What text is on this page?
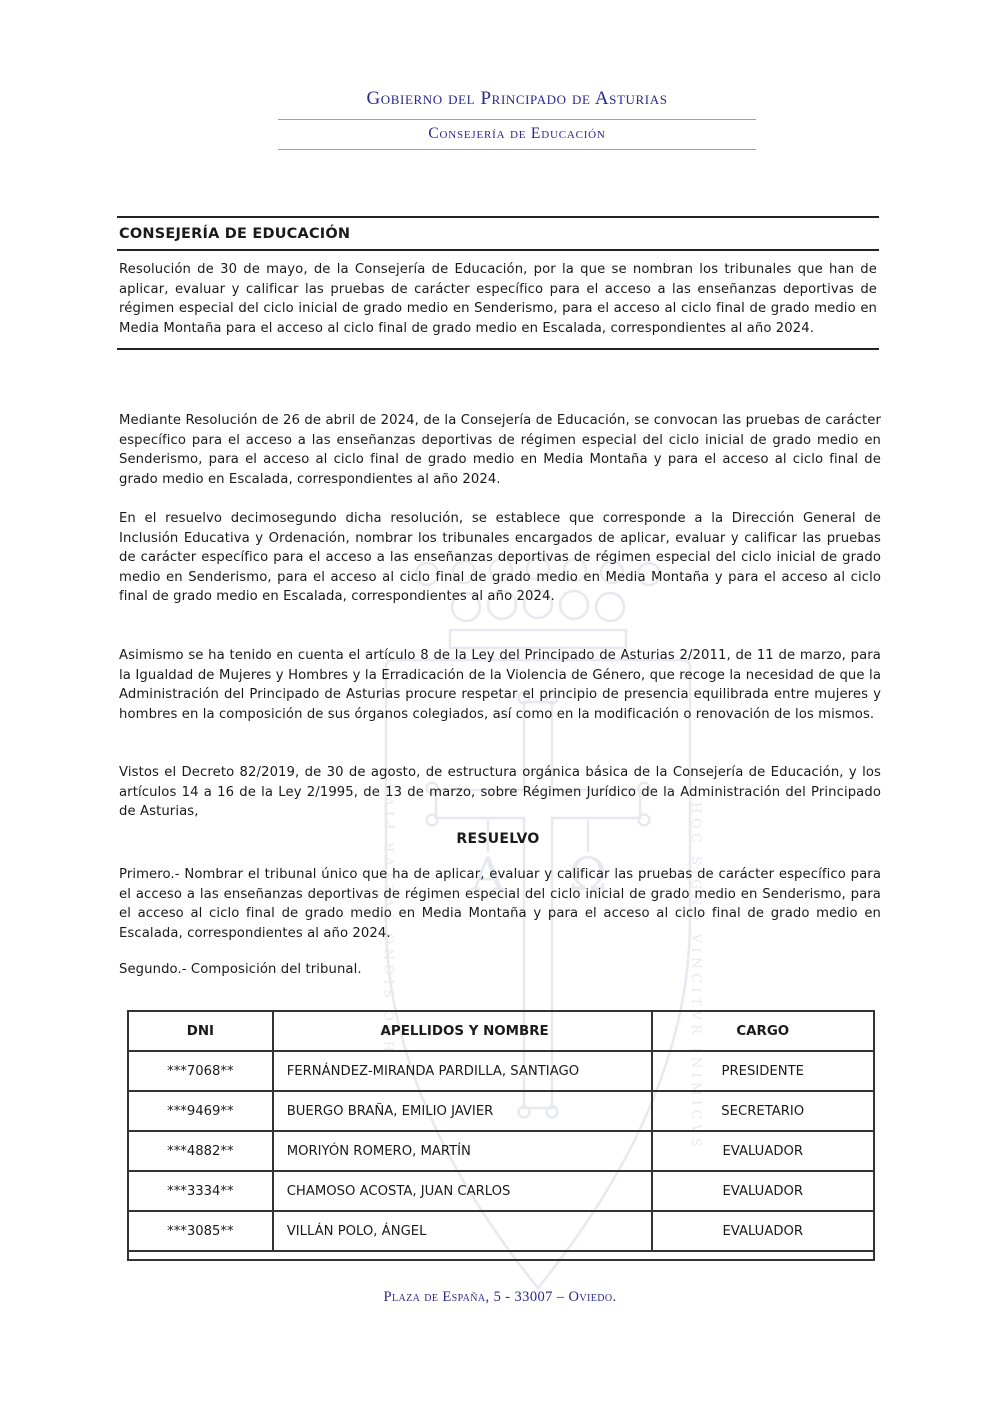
Α Ω
HOC SIGNO TVETVR PIVS	HOC SIGNO VINCITVR INIMICVS
Gobierno del Principado de Asturias
Consejería de Educación
CONSEJERÍA DE EDUCACIÓN

Resolución de 30 de mayo, de la Consejería de Educación, por la que se nombran los tribunales que han de aplicar, evaluar y calificar las pruebas de carácter específico para el acceso a las enseñanzas deportivas de régimen especial del ciclo inicial de grado medio en Senderismo, para el acceso al ciclo final de grado medio en Media Montaña para el acceso al ciclo final de grado medio en Escalada, correspondientes al año 2024.

Mediante Resolución de 26 de abril de 2024, de la Consejería de Educación, se convocan las pruebas de carácter específico para el acceso a las enseñanzas deportivas de régimen especial del ciclo inicial de grado medio en Senderismo, para el acceso al ciclo final de grado medio en Media Montaña y para el acceso al ciclo final de grado medio en Escalada, correspondientes al año 2024.

En el resuelvo decimosegundo dicha resolución, se establece que corresponde a la Dirección General de Inclusión Educativa y Ordenación, nombrar los tribunales encargados de aplicar, evaluar y calificar las pruebas de carácter específico para el acceso a las enseñanzas deportivas de régimen especial del ciclo inicial de grado medio en Senderismo, para el acceso al ciclo final de grado medio en Media Montaña y para el acceso al ciclo final de grado medio en Escalada, correspondientes al año 2024.

Asimismo se ha tenido en cuenta el artículo 8 de la Ley del Principado de Asturias 2/2011, de 11 de marzo, para la Igualdad de Mujeres y Hombres y la Erradicación de la Violencia de Género, que recoge la necesidad de que la Administración del Principado de Asturias procure respetar el principio de presencia equilibrada entre mujeres y hombres en la composición de sus órganos colegiados, así como en la modificación o renovación de los mismos.

Vistos el Decreto 82/2019, de 30 de agosto, de estructura orgánica básica de la Consejería de Educación, y los artículos 14 a 16 de la Ley 2/1995, de 13 de marzo, sobre Régimen Jurídico de la Administración del Principado de Asturias,

RESUELVO

Primero.- Nombrar el tribunal único que ha de aplicar, evaluar y calificar las pruebas de carácter específico para el acceso a las enseñanzas deportivas de régimen especial del ciclo inicial de grado medio en Senderismo, para el acceso al ciclo final de grado medio en Media Montaña y para el acceso al ciclo final de grado medio en Escalada, correspondientes al año 2024.

Segundo.- Composición del tribunal.

DNI	APELLIDOS Y NOMBRE	CARGO
***7068**	FERNÁNDEZ-MIRANDA PARDILLA, SANTIAGO	PRESIDENTE
***9469**	BUERGO BRAÑA, EMILIO JAVIER	SECRETARIO
***4882**	MORIYÓN ROMERO, MARTÍN	EVALUADOR
***3334**	CHAMOSO ACOSTA, JUAN CARLOS	EVALUADOR
***3085**	VILLÁN POLO, ÁNGEL	EVALUADOR
Plaza de España, 5 - 33007 – Oviedo.
